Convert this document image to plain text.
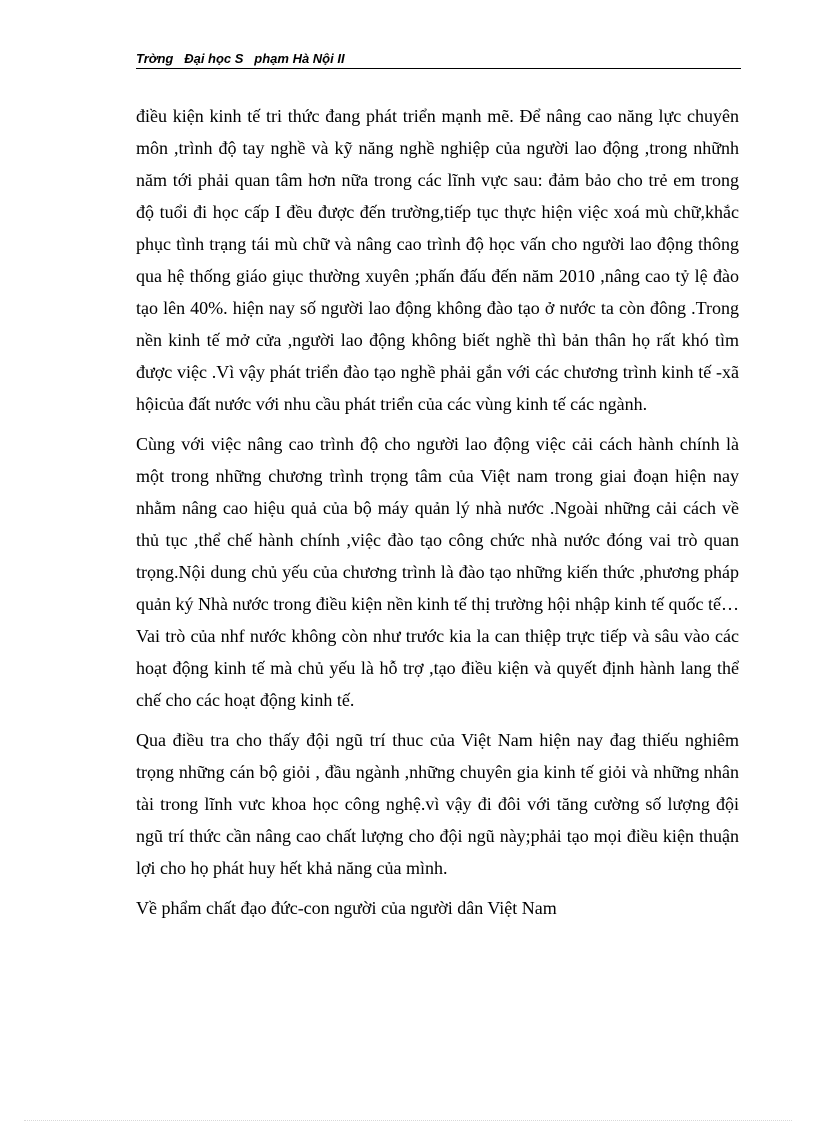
Trờng   Đại học S   phạm Hà Nội II

điều kiện kinh tế tri thức đang phát triển mạnh mẽ. Để nâng cao năng lực chuyên môn ,trình độ tay nghề và kỹ năng nghề nghiệp của người lao động ,trong nhữnh năm tới phải quan tâm hơn nữa trong các lĩnh vực sau: đảm bảo cho trẻ em trong độ tuổi đi học cấp I đều được đến trường,tiếp tục thực hiện việc xoá mù chữ,khắc phục tình trạng tái mù chữ và nâng cao trình độ học vấn cho người lao động thông qua hệ thống giáo giục thường xuyên ;phấn đấu đến năm 2010 ,nâng cao tỷ lệ đào tạo lên 40%. hiện nay số người lao động không đào tạo ở nước ta còn đông .Trong nền kinh tế mở cửa ,người lao động không biết nghề thì bản thân họ rất khó tìm được việc .Vì vậy phát triển đào tạo nghề phải gắn với các chương trình kinh tế -xã hộicủa đất nước với nhu cầu phát triển của các vùng kinh tế các ngành.

Cùng với việc nâng cao trình độ cho người lao động việc cải cách hành chính là một trong những chương trình trọng tâm của Việt nam trong giai đoạn hiện nay nhằm nâng cao hiệu quả của bộ máy quản lý nhà nước .Ngoài những cải cách về thủ tục ,thể chế hành chính ,việc đào tạo công chức nhà nước đóng vai trò quan trọng.Nội dung chủ yếu của chương trình là đào tạo những kiến thức ,phương pháp quản ký Nhà nước trong điều kiện nền kinh tế thị trường hội nhập kinh tế quốc tế…Vai trò của nhf nước không còn như trước kia la can thiệp trực tiếp và sâu vào các hoạt động kinh tế mà chủ yếu là hỗ trợ ,tạo điều kiện và quyết định hành lang thể chế cho các hoạt động kinh tế.

Qua điều tra cho thấy đội ngũ trí thuc của Việt Nam hiện nay đag thiếu nghiêm trọng những cán bộ giỏi , đầu ngành ,những chuyên gia kinh tế giỏi và những nhân tài trong lĩnh vưc khoa học công nghệ.vì vậy đi đôi với tăng cường số lượng đội ngũ trí thức cần nâng cao chất lượng cho đội ngũ này;phải tạo mọi điều kiện thuận lợi cho họ phát huy hết khả năng của mình.

Về phẩm chất đạo đức-con người của người dân Việt Nam
